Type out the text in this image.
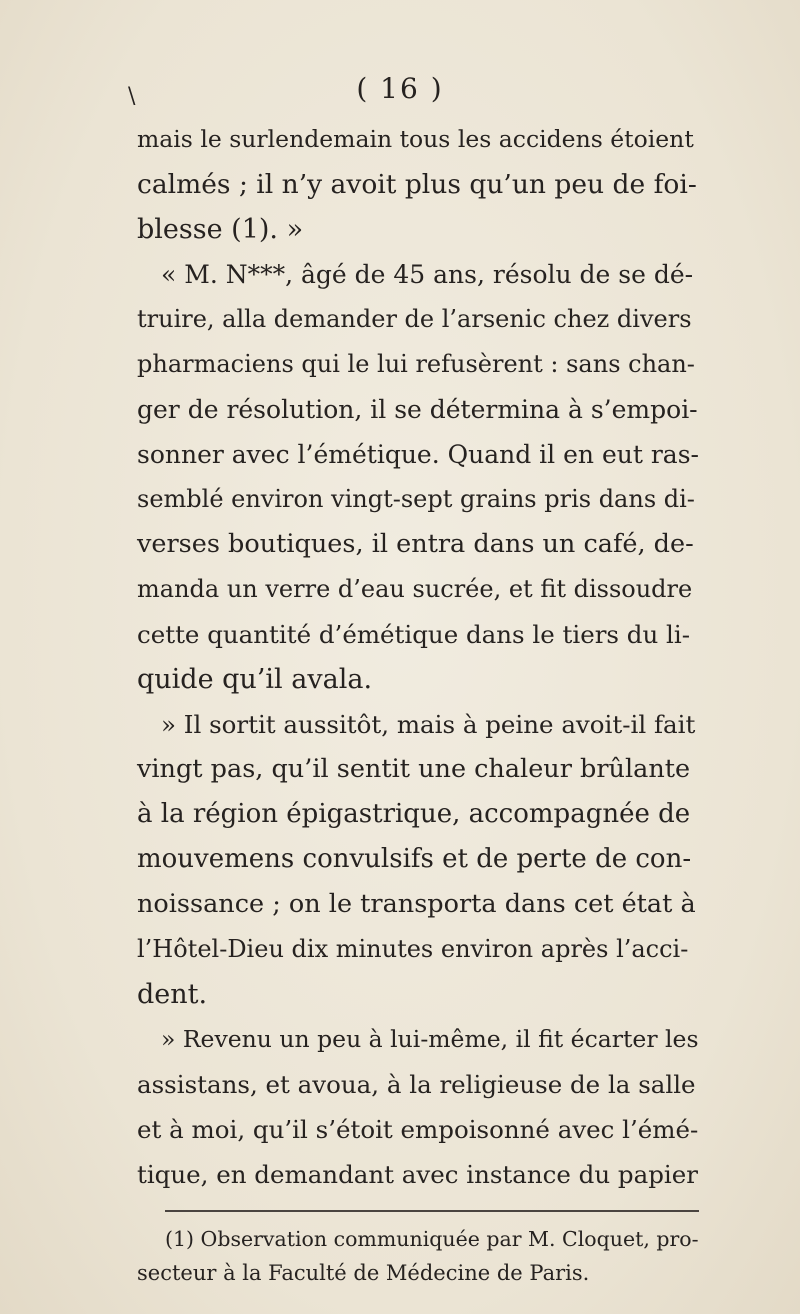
\	( 16 )
mais le surlendemain tous les accidens étoient
calmés ; il n’y avoit plus qu’un peu de foi-
blesse (1). »
« M. N***, âgé de 45 ans, résolu de se dé-
truire, alla demander de l’arsenic chez divers
pharmaciens qui le lui refusèrent : sans chan-
ger de résolution, il se détermina à s’empoi-
sonner avec l’émétique. Quand il en eut ras-
semblé environ vingt-sept grains pris dans di-
verses boutiques, il entra dans un café, de-
manda un verre d’eau sucrée, et fit dissoudre
cette quantité d’émétique dans le tiers du li-
quide qu’il avala.
» Il sortit aussitôt, mais à peine avoit-il fait
vingt pas, qu’il sentit une chaleur brûlante
à la région épigastrique, accompagnée de
mouvemens convulsifs et de perte de con-
noissance ; on le transporta dans cet état à
l’Hôtel-Dieu dix minutes environ après l’acci-
dent.
» Revenu un peu à lui-même, il fit écarter les
assistans, et avoua, à la religieuse de la salle
et à moi, qu’il s’étoit empoisonné avec l’émé-
tique, en demandant avec instance du papier
(1) Observation communiquée par M. Cloquet, pro-
secteur à la Faculté de Médecine de Paris.
